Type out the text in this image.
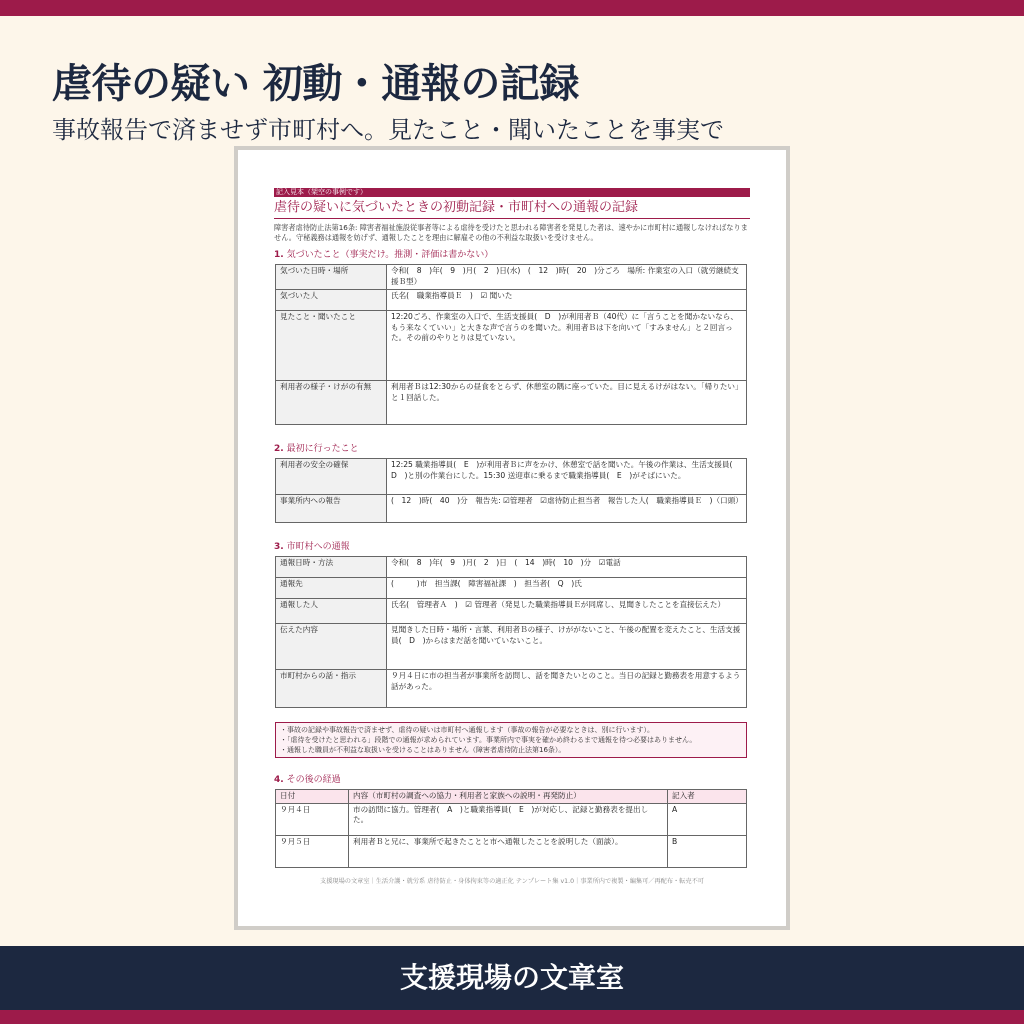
虐待の疑い 初動・通報の記録

事故報告で済ませず市町村へ。見たこと・聞いたことを事実で

記入見本（架空の事例です）
虐待の疑いに気づいたときの初動記録・市町村への通報の記録
障害者虐待防止法第16条: 障害者福祉施設従事者等による虐待を受けたと思われる障害者を発見した者は、速やかに市町村に通報しなければなりません。守秘義務は通報を妨げず、通報したことを理由に解雇その他の不利益な取扱いを受けません。
1. 気づいたこと（事実だけ。推測・評価は書かない）
気づいた日時・場所	令和(　8　)年(　9　)月(　2　)日(水)　(　12　)時(　20　)分ごろ　場所: 作業室の入口（就労継続支援Ｂ型）
気づいた人	氏名(　職業指導員Ｅ　)　☑ 聞いた
見たこと・聞いたこと	12:20ごろ、作業室の入口で、生活支援員(　D　)が利用者Ｂ（40代）に「言うことを聞かないなら、もう来なくていい」と大きな声で言うのを聞いた。利用者Ｂは下を向いて「すみません」と２回言った。その前のやりとりは見ていない。
利用者の様子・けがの有無	利用者Ｂは12:30からの昼食をとらず、休憩室の隅に座っていた。目に見えるけがはない。「帰りたい」と１回話した。
2. 最初に行ったこと
利用者の安全の確保	12:25 職業指導員(　E　)が利用者Ｂに声をかけ、休憩室で話を聞いた。午後の作業は、生活支援員(　D　)と別の作業台にした。15:30 送迎車に乗るまで職業指導員(　E　)がそばにいた。
事業所内への報告	(　12　)時(　40　)分　報告先: ☑管理者　☑虐待防止担当者　報告した人(　職業指導員Ｅ　)（口頭）
3. 市町村への通報
通報日時・方法	令和(　8　)年(　9　)月(　2　)日　(　14　)時(　10　)分　☑電話
通報先	(　　　)市　担当課(　障害福祉課　)　担当者(　Q　)氏
通報した人	氏名(　管理者Ａ　)　☑ 管理者（発見した職業指導員Ｅが同席し、見聞きしたことを直接伝えた）
伝えた内容	見聞きした日時・場所・言葉、利用者Ｂの様子、けががないこと、午後の配置を変えたこと、生活支援員(　D　)からはまだ話を聞いていないこと。
市町村からの話・指示	９月４日に市の担当者が事業所を訪問し、話を聞きたいとのこと。当日の記録と勤務表を用意するよう話があった。
・事故の記録や事故報告で済ませず、虐待の疑いは市町村へ通報します（事故の報告が必要なときは、別に行います）。
・「虐待を受けたと思われる」段階での通報が求められています。事業所内で事実を確かめ終わるまで通報を待つ必要はありません。
・通報した職員が不利益な取扱いを受けることはありません（障害者虐待防止法第16条）。
4. その後の経過
日付	内容（市町村の調査への協力・利用者と家族への説明・再発防止）	記入者
９月４日	市の訪問に協力。管理者(　A　)と職業指導員(　E　)が対応し、記録と勤務表を提出した。	A
９月５日	利用者Ｂと兄に、事業所で起きたことと市へ通報したことを説明した（面談）。	B
支援現場の文章室｜生活介護・就労系 虐待防止・身体拘束等の適正化 テンプレート集 v1.0｜事業所内で複製・編集可／再配布・転売不可
支援現場の文章室
